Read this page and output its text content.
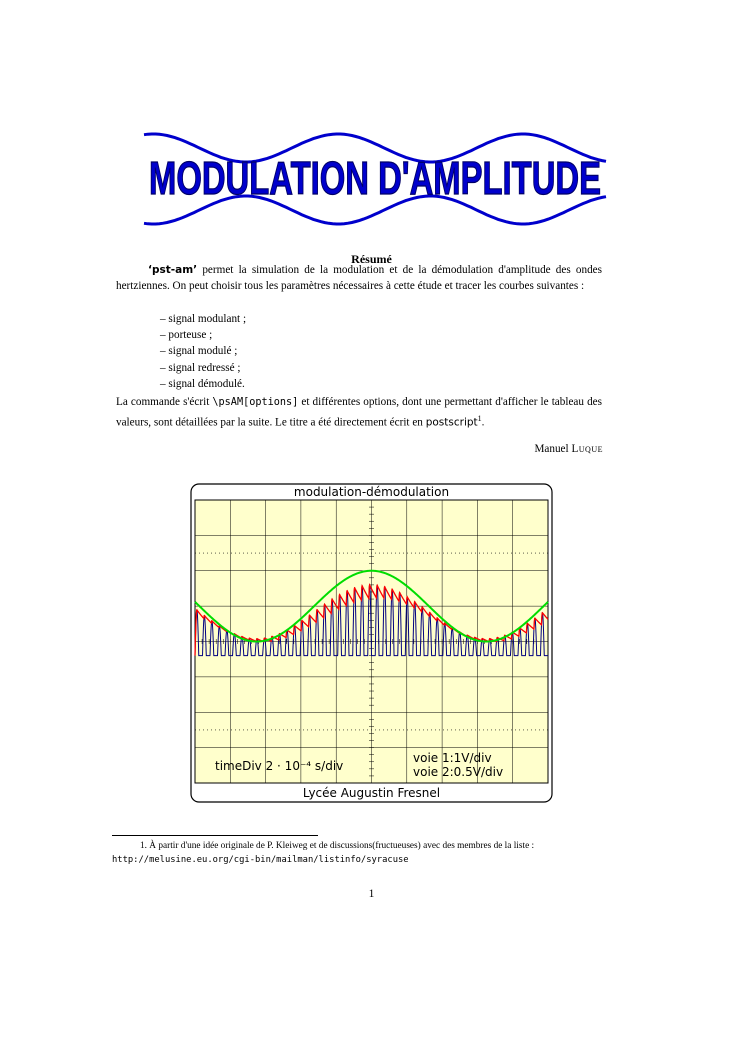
MODULATION D'AMPLITUDE
Résumé
‘pst-am’ permet la simulation de la modulation et de la démodulation d'amplitude des ondes hertziennes. On peut choisir tous les paramètres nécessaires à cette étude et tracer les courbes suivantes :
– signal modulant ;
– porteuse ;
– signal modulé ;
– signal redressé ;
– signal démodulé.
La commande s'écrit \psAM[options] et différentes options, dont une permettant d'afficher le tableau des valeurs, sont détaillées par la suite. Le titre a été directement écrit en postscript$^1$.
Manuel Luque
modulation-démodulation
timeDiv 2 · 10⁻⁴ s/div
voie 1:1V/div
voie 2:0.5V/div
Lycée Augustin Fresnel
1. À partir d'une idée originale de P. Kleiweg et de discussions(fructueuses) avec des membres de la liste : http://melusine.eu.org/cgi-bin/mailman/listinfo/syracuse
1
